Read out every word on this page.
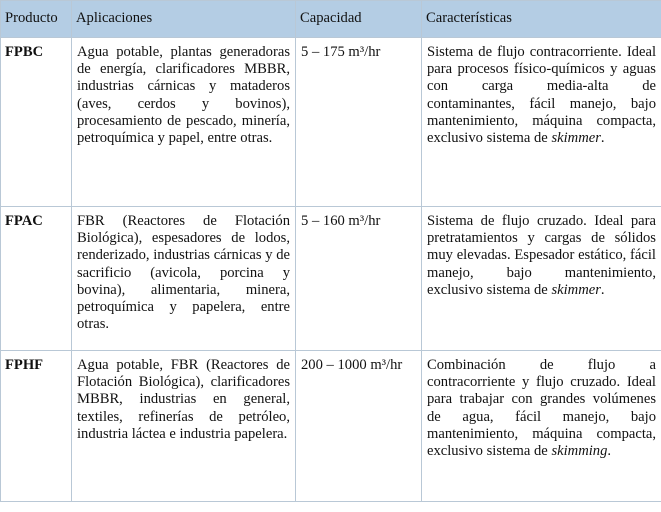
Producto	Aplicaciones	Capacidad	Características
FPBC	Agua potable, plantas generadoras de energía, clarificadores MBBR, industrias cárnicas y mataderos (aves, cerdos y bovinos), procesamiento de pescado, minería, petroquímica y papel, entre otras.	5 – 175 m³/hr	Sistema de flujo contracorriente. Ideal para procesos físico-químicos y aguas con carga media-alta de contaminantes, fácil manejo, bajo mantenimiento, máquina compacta, exclusivo sistema de skimmer.
FPAC	FBR (Reactores de Flotación Biológica), espesadores de lodos, renderizado, industrias cárnicas y de sacrificio (avicola, porcina y bovina), alimentaria, minera, petroquímica y papelera, entre otras.	5 – 160 m³/hr	Sistema de flujo cruzado. Ideal para pretratamientos y cargas de sólidos muy elevadas. Espesador estático, fácil manejo, bajo mantenimiento, exclusivo sistema de skimmer.
FPHF	Agua potable, FBR (Reactores de Flotación Biológica), clarificadores MBBR, industrias en general, textiles, refinerías de petróleo, industria láctea e industria papelera.	200 – 1000 m³/hr	Combinación de flujo a contracorriente y flujo cruzado. Ideal para trabajar con grandes volúmenes de agua, fácil manejo, bajo mantenimiento, máquina compacta, exclusivo sistema de skimming.
